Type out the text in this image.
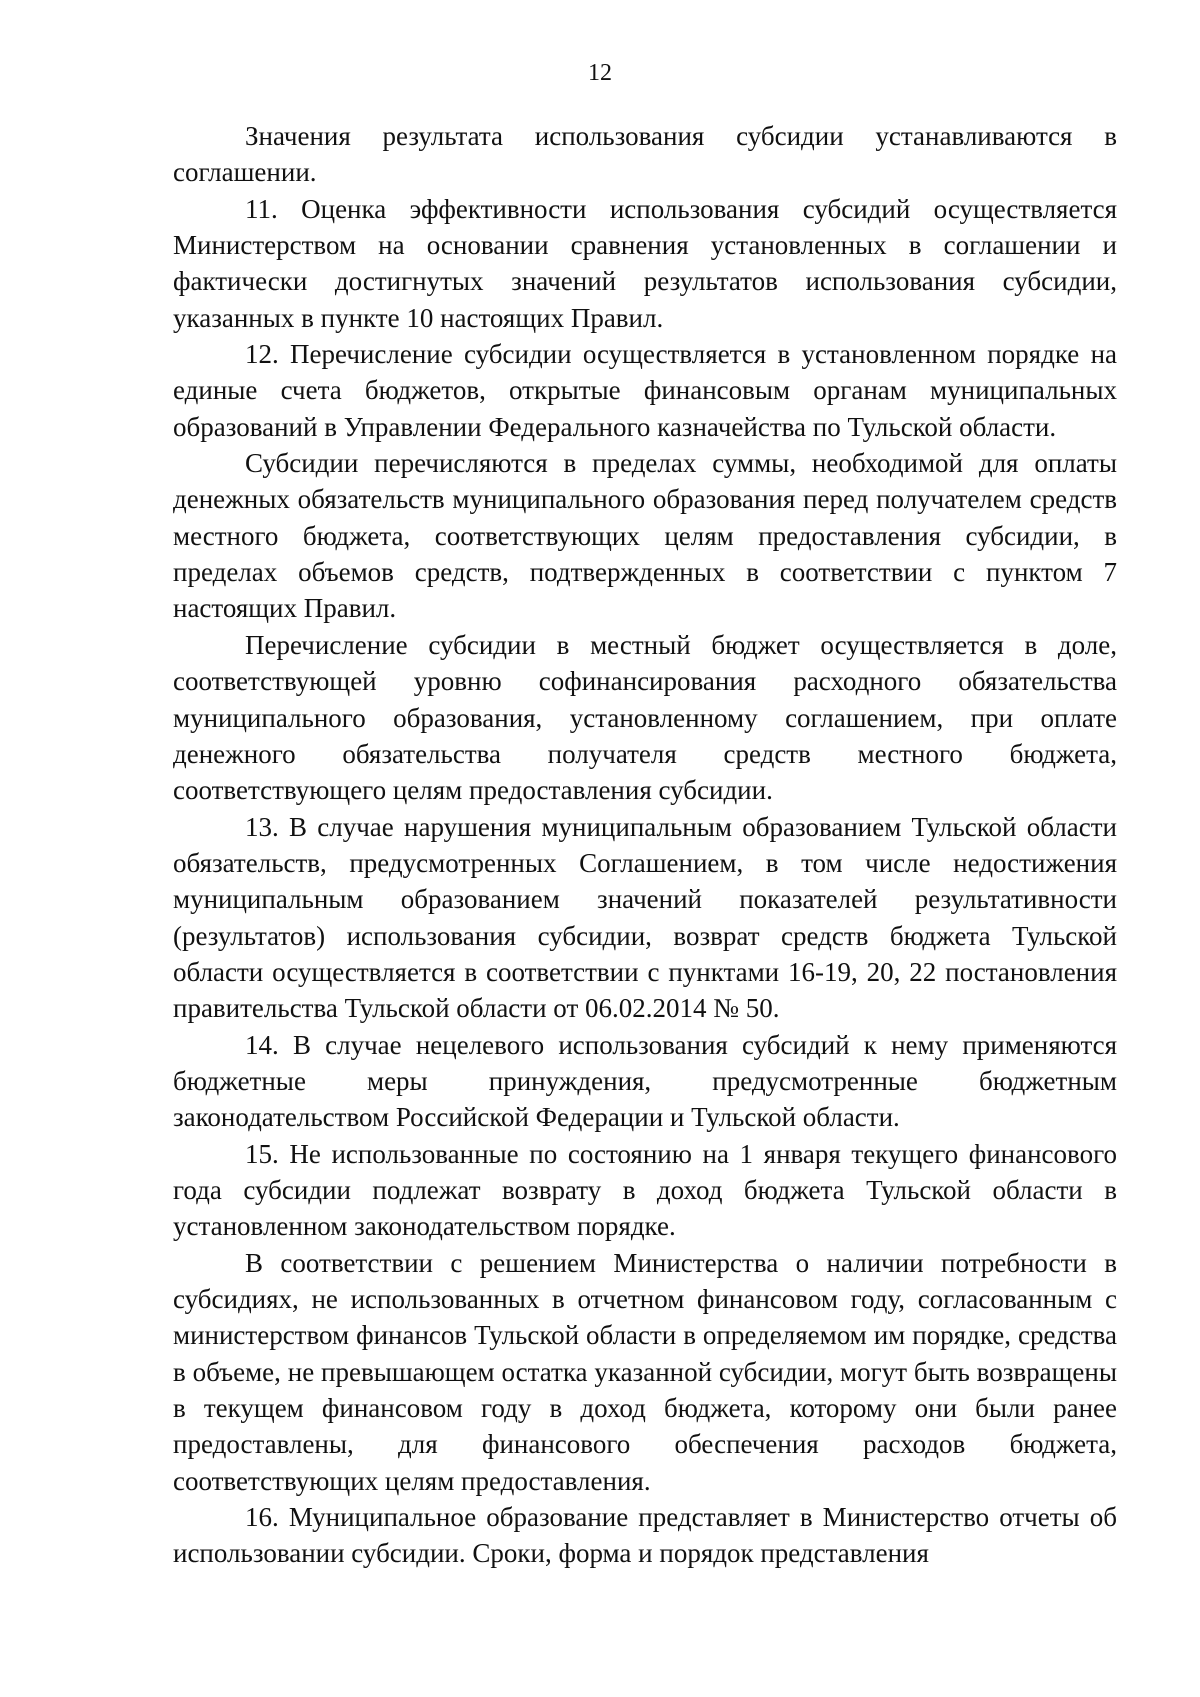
12

Значения результата использования субсидии устанавливаются в соглашении.

11. Оценка эффективности использования субсидий осуществляется Министерством на основании сравнения установленных в соглашении и фактически достигнутых значений результатов использования субсидии, указанных в пункте 10 настоящих Правил.

12. Перечисление субсидии осуществляется в установленном порядке на единые счета бюджетов, открытые финансовым органам муниципальных образований в Управлении Федерального казначейства по Тульской области.

Субсидии перечисляются в пределах суммы, необходимой для оплаты денежных обязательств муниципального образования перед получателем средств местного бюджета, соответствующих целям предоставления субсидии, в пределах объемов средств, подтвержденных в соответствии с пунктом 7 настоящих Правил.

Перечисление субсидии в местный бюджет осуществляется в доле, соответствующей уровню софинансирования расходного обязательства муниципального образования, установленному соглашением, при оплате денежного обязательства получателя средств местного бюджета, соответствующего целям предоставления субсидии.

13. В случае нарушения муниципальным образованием Тульской области обязательств, предусмотренных Соглашением, в том числе недостижения муниципальным образованием значений показателей результативности (результатов) использования субсидии, возврат средств бюджета Тульской области осуществляется в соответствии с пунктами 16-19, 20, 22 постановления правительства Тульской области от 06.02.2014 № 50.

14. В случае нецелевого использования субсидий к нему применяются бюджетные меры принуждения, предусмотренные бюджетным законодательством Российской Федерации и Тульской области.

15. Не использованные по состоянию на 1 января текущего финансового года субсидии подлежат возврату в доход бюджета Тульской области в установленном законодательством порядке.

В соответствии с решением Министерства о наличии потребности в субсидиях, не использованных в отчетном финансовом году, согласованным с министерством финансов Тульской области в определяемом им порядке, средства в объеме, не превышающем остатка указанной субсидии, могут быть возвращены в текущем финансовом году в доход бюджета, которому они были ранее предоставлены, для финансового обеспечения расходов бюджета, соответствующих целям предоставления.

16. Муниципальное образование представляет в Министерство отчеты об использовании субсидии. Сроки, форма и порядок представления
